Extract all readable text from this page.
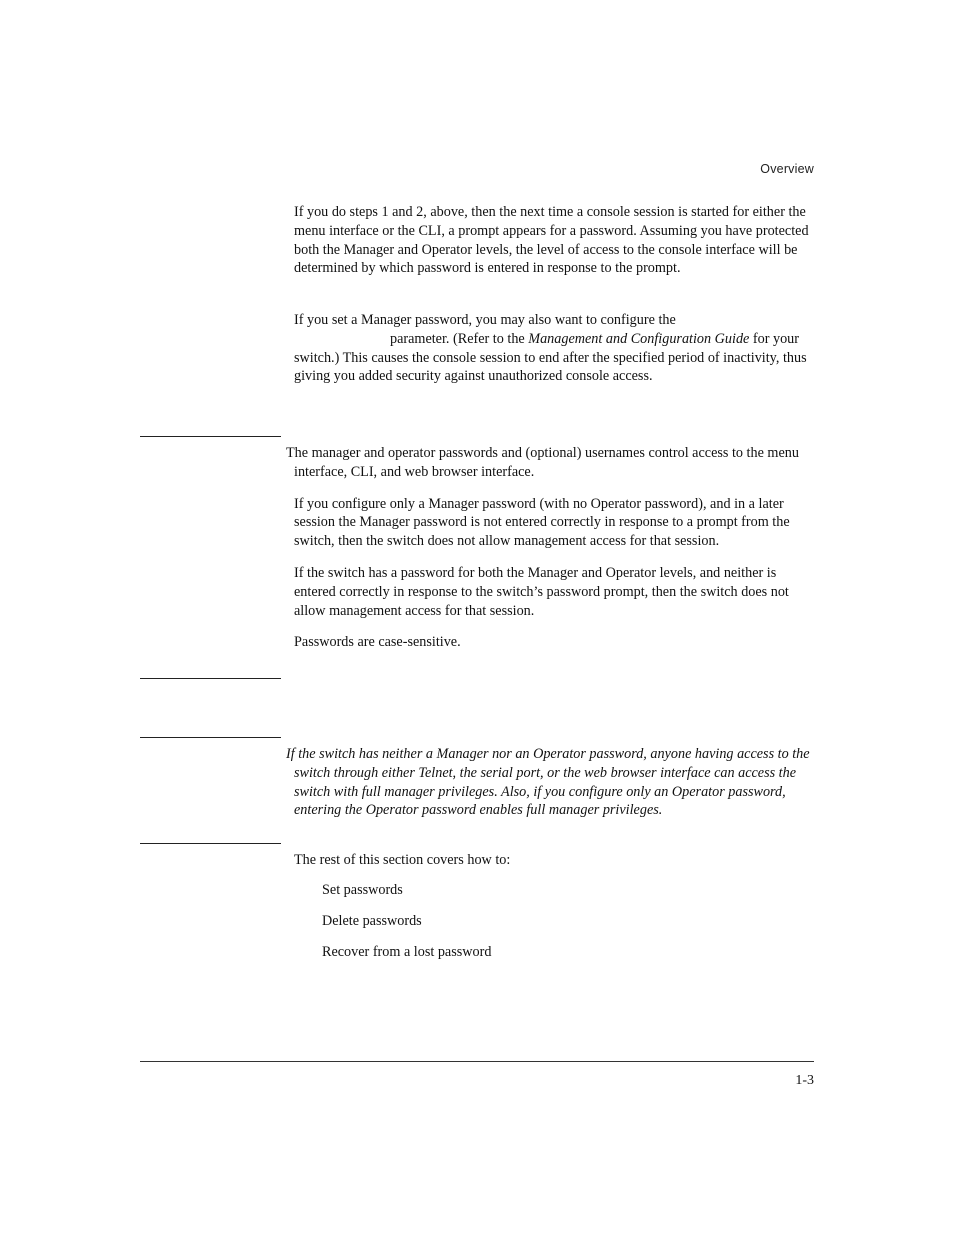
Overview

If you do steps 1 and 2, above, then the next time a console session is started for either the menu interface or the CLI, a prompt appears for a password. Assuming you have protected both the Manager and Operator levels, the level of access to the console interface will be determined by which password is entered in response to the prompt.

If you set a Manager password, you may also want to configure the
parameter. (Refer to the Management and Configuration Guide for your switch.) This causes the console session to end after the specified period of inactivity, thus giving you added security against unauthorized console access.

The manager and operator passwords and (optional) usernames control access to the menu interface, CLI, and web browser interface.

If you configure only a Manager password (with no Operator password), and in a later session the Manager password is not entered correctly in response to a prompt from the switch, then the switch does not allow management access for that session.

If the switch has a password for both the Manager and Operator levels, and neither is entered correctly in response to the switch’s password prompt, then the switch does not allow management access for that session.

Passwords are case-sensitive.

If the switch has neither a Manager nor an Operator password, anyone having access to the switch through either Telnet, the serial port, or the web browser interface can access the switch with full manager privileges. Also, if you configure only an Operator password, entering the Operator password enables full manager privileges.

The rest of this section covers how to:

Set passwords
Delete passwords
Recover from a lost password
1-3
